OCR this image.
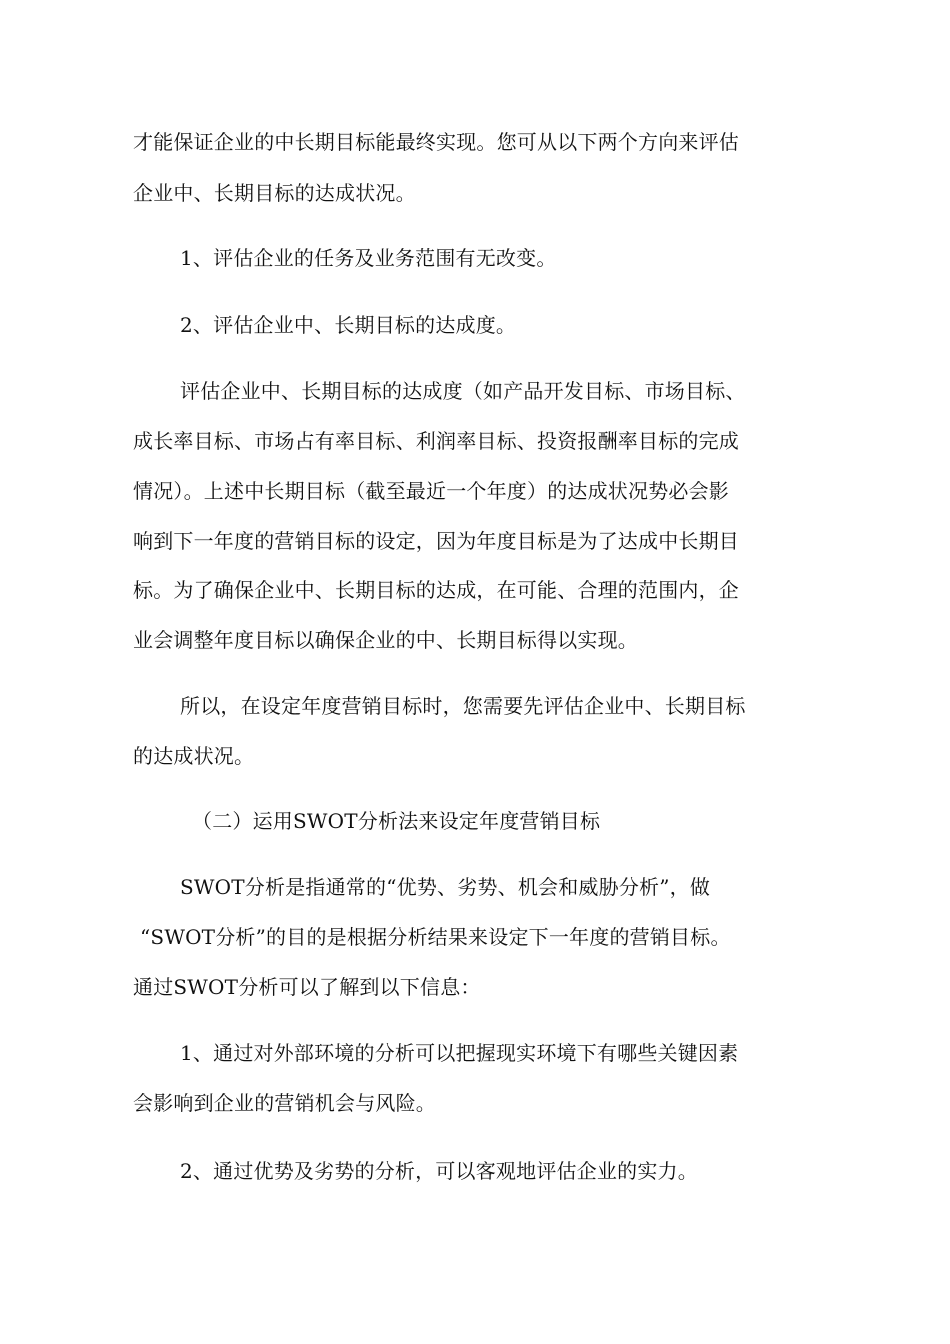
才能保证企业的中长期目标能最终实现。您可从以下两个方向来评估
企业中、长期目标的达成状况。
1、评估企业的任务及业务范围有无改变。
2、评估企业中、长期目标的达成度。
评估企业中、长期目标的达成度（如产品开发目标、市场目标、
成长率目标、市场占有率目标、利润率目标、投资报酬率目标的完成
情况）。上述中长期目标（截至最近一个年度）的达成状况势必会影
响到下一年度的营销目标的设定，因为年度目标是为了达成中长期目
标。为了确保企业中、长期目标的达成，在可能、合理的范围内，企
业会调整年度目标以确保企业的中、长期目标得以实现。
所以，在设定年度营销目标时，您需要先评估企业中、长期目标
的达成状况。
（二）运用SWOT分析法来设定年度营销目标
SWOT分析是指通常的“优势、劣势、机会和威胁分析”，做
“SWOT分析”的目的是根据分析结果来设定下一年度的营销目标。
通过SWOT分析可以了解到以下信息：
1、通过对外部环境的分析可以把握现实环境下有哪些关键因素
会影响到企业的营销机会与风险。
2、通过优势及劣势的分析，可以客观地评估企业的实力。
